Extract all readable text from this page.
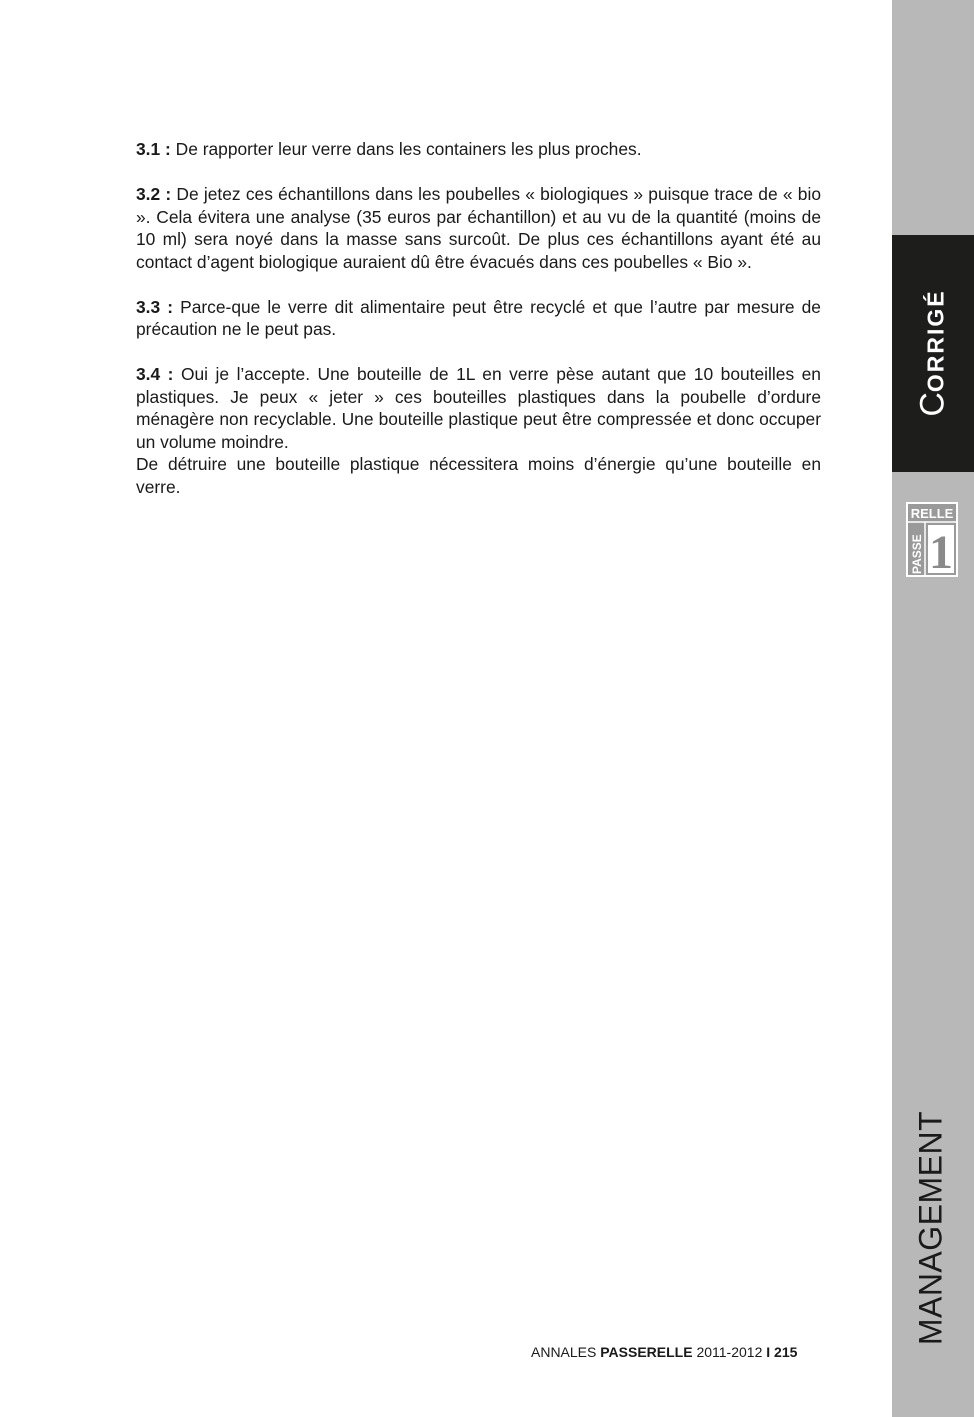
3.1 : De rapporter leur verre dans les containers les plus proches.

3.2 : De jetez ces échantillons dans les poubelles « biologiques » puisque trace de « bio ». Cela évitera une analyse (35 euros par échantillon) et au vu de la quantité (moins de 10 ml) sera noyé dans la masse sans surcoût. De plus ces échantillons ayant été au contact d’agent biologique auraient dû être évacués dans ces poubelles « Bio ».

3.3 : Parce-que le verre dit alimentaire peut être recyclé et que l’autre par mesure de précaution ne le peut pas.

3.4 : Oui je l’accepte. Une bouteille de 1L en verre pèse autant que 10 bouteilles en plastiques. Je peux « jeter » ces bouteilles plastiques dans la poubelle d’ordure ménagère non recyclable. Une bouteille plastique peut être compressée et donc occuper un volume moindre.

De détruire une bouteille plastique nécessitera moins d’énergie qu’une bouteille en verre.

ANNALES PASSERELLE 2011-2012 I 215
CORRIGÉ
RELLE
PASSE 1
MANAGEMENT
